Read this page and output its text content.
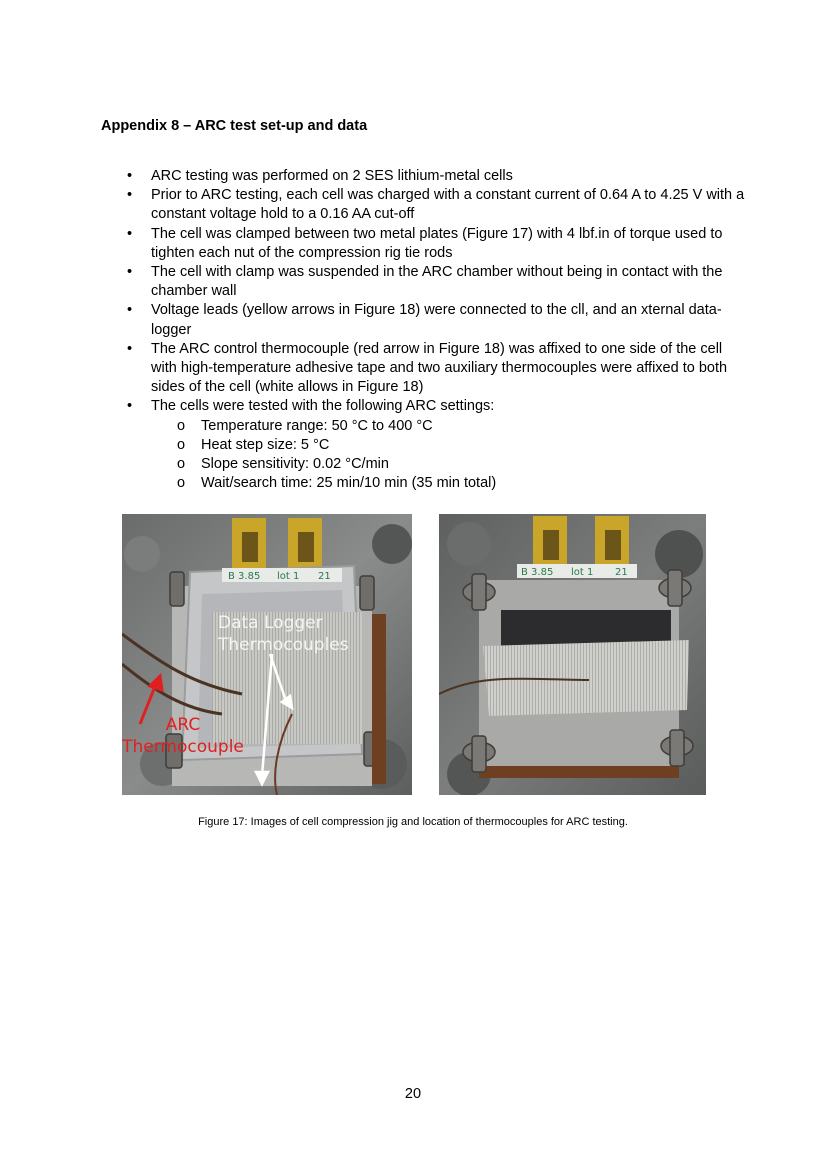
Appendix 8 – ARC test set-up and data
• ARC testing was performed on 2 SES lithium-metal cells
• Prior to ARC testing, each cell was charged with a constant current of 0.64 A to 4.25 V with a constant voltage hold to a 0.16 AA cut-off
• The cell was clamped between two metal plates (Figure 17) with 4 lbf.in of torque used to tighten each nut of the compression rig tie rods
• The cell with clamp was suspended in the ARC chamber without being in contact with the chamber wall
• Voltage leads (yellow arrows in Figure 18) were connected to the cll, and an xternal data-logger
• The ARC control thermocouple (red arrow in Figure 18) was affixed to one side of the cell with high-temperature adhesive tape and two auxiliary thermocouples were affixed to both sides of the cell (white allows in Figure 18)
• The cells were tested with the following ARC settings:
o Temperature range: 50 °C to 400 °C
o Heat step size: 5 °C
o Slope sensitivity: 0.02 °C/min
o Wait/search time: 25 min/10 min (35 min total)
B 3.85 lot 1 21
Data Logger
Thermocouples
ARC
Thermocouple
B 3.85 lot 1 21
Figure 17: Images of cell compression jig and location of thermocouples for ARC testing.
20
